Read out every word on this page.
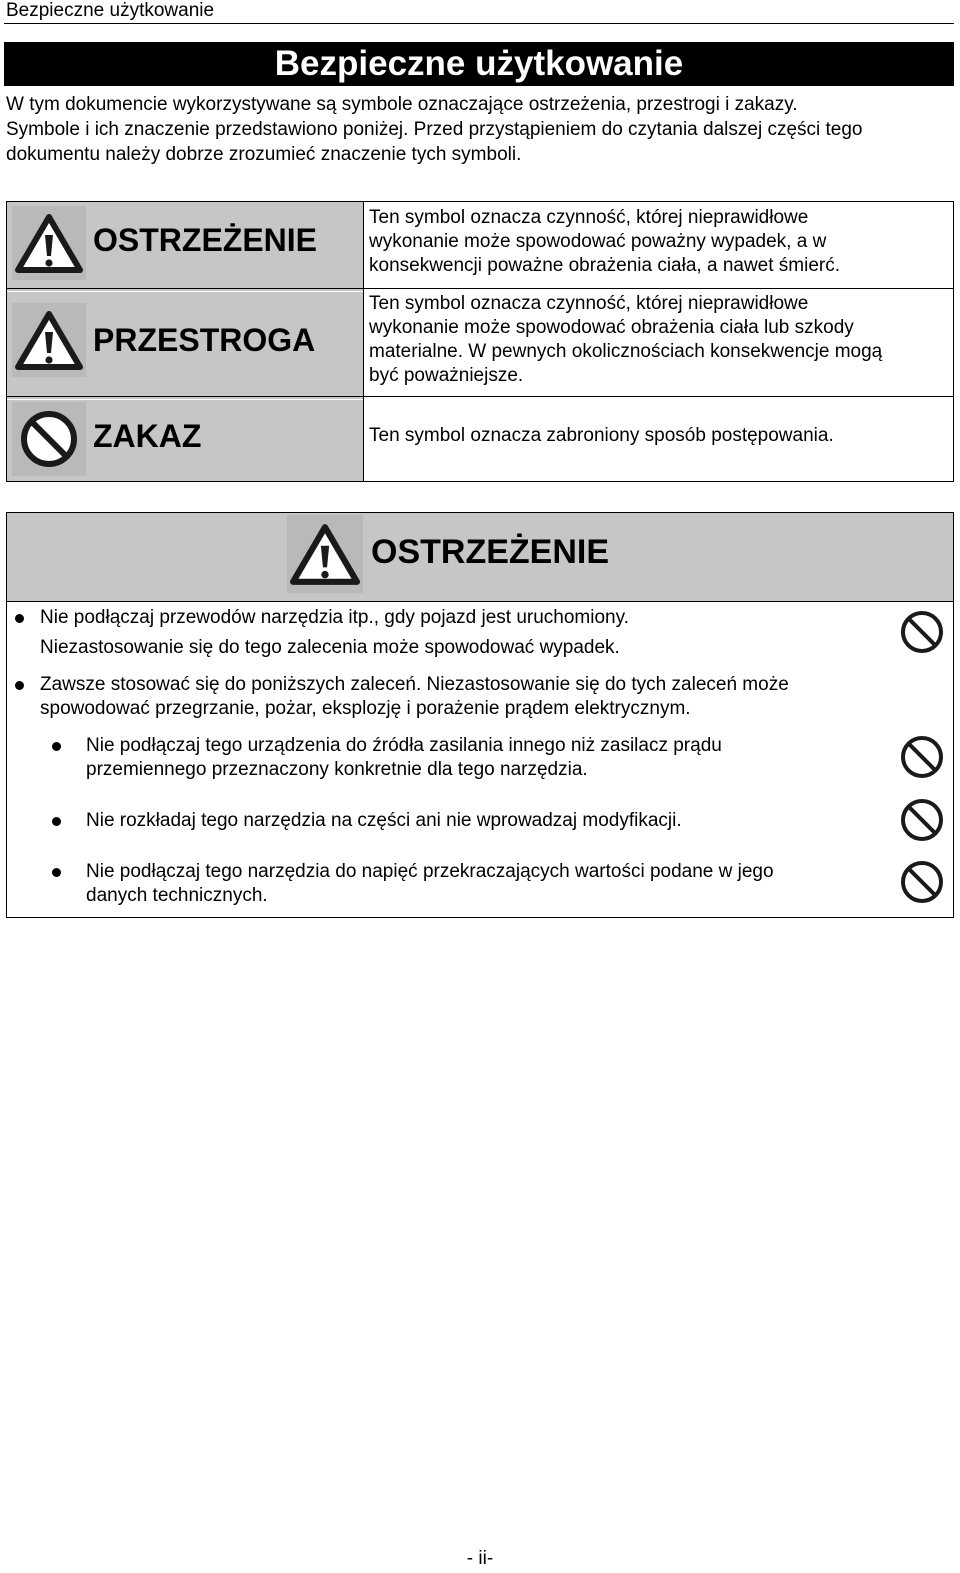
Bezpieczne użytkowanie
Bezpieczne użytkowanie
W tym dokumencie wykorzystywane są symbole oznaczające ostrzeżenia, przestrogi i zakazy.
Symbole i ich znaczenie przedstawiono poniżej. Przed przystąpieniem do czytania dalszej części tego
dokumentu należy dobrze zrozumieć znaczenie tych symboli.
OSTRZEŻENIE
Ten symbol oznacza czynność, której nieprawidłowe
wykonanie może spowodować poważny wypadek, a w
konsekwencji poważne obrażenia ciała, a nawet śmierć.
PRZESTROGA
Ten symbol oznacza czynność, której nieprawidłowe
wykonanie może spowodować obrażenia ciała lub szkody
materialne. W pewnych okolicznościach konsekwencje mogą
być poważniejsze.
ZAKAZ	Ten symbol oznacza zabroniony sposób postępowania.
OSTRZEŻENIE
Nie podłączaj przewodów narzędzia itp., gdy pojazd jest uruchomiony.
Niezastosowanie się do tego zalecenia może spowodować wypadek.
Zawsze stosować się do poniższych zaleceń. Niezastosowanie się do tych zaleceń może
spowodować przegrzanie, pożar, eksplozję i porażenie prądem elektrycznym.
Nie podłączaj tego urządzenia do źródła zasilania innego niż zasilacz prądu
przemiennego przeznaczony konkretnie dla tego narzędzia.
Nie rozkładaj tego narzędzia na części ani nie wprowadzaj modyfikacji.
Nie podłączaj tego narzędzia do napięć przekraczających wartości podane w jego
danych technicznych.
- ii-
